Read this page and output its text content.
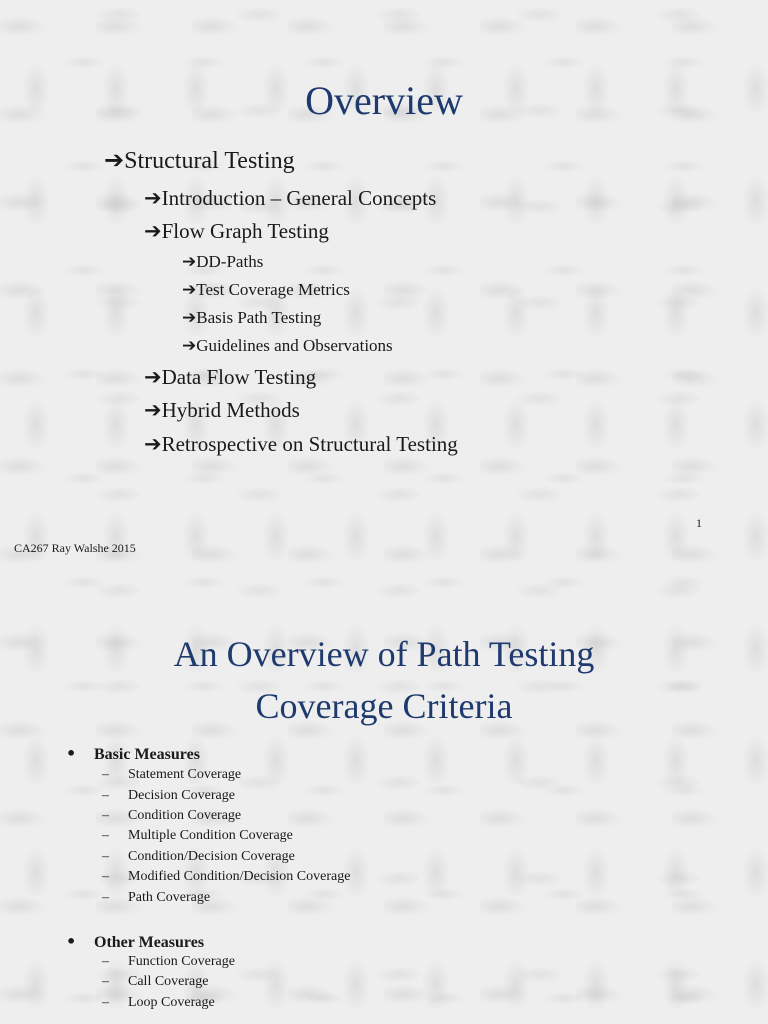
Overview
➔Structural Testing
➔Introduction – General Concepts
➔Flow Graph Testing
➔DD-Paths
➔Test Coverage Metrics
➔Basis Path Testing
➔Guidelines and Observations
➔Data Flow Testing
➔Hybrid Methods
➔Retrospective on Structural Testing
1
CA267 Ray Walshe 2015
An Overview of Path Testing
Coverage Criteria
• Basic Measures
– Statement Coverage
– Decision Coverage
– Condition Coverage
– Multiple Condition Coverage
– Condition/Decision Coverage
– Modified Condition/Decision Coverage
– Path Coverage
• Other Measures
– Function Coverage
– Call Coverage
– Loop Coverage
